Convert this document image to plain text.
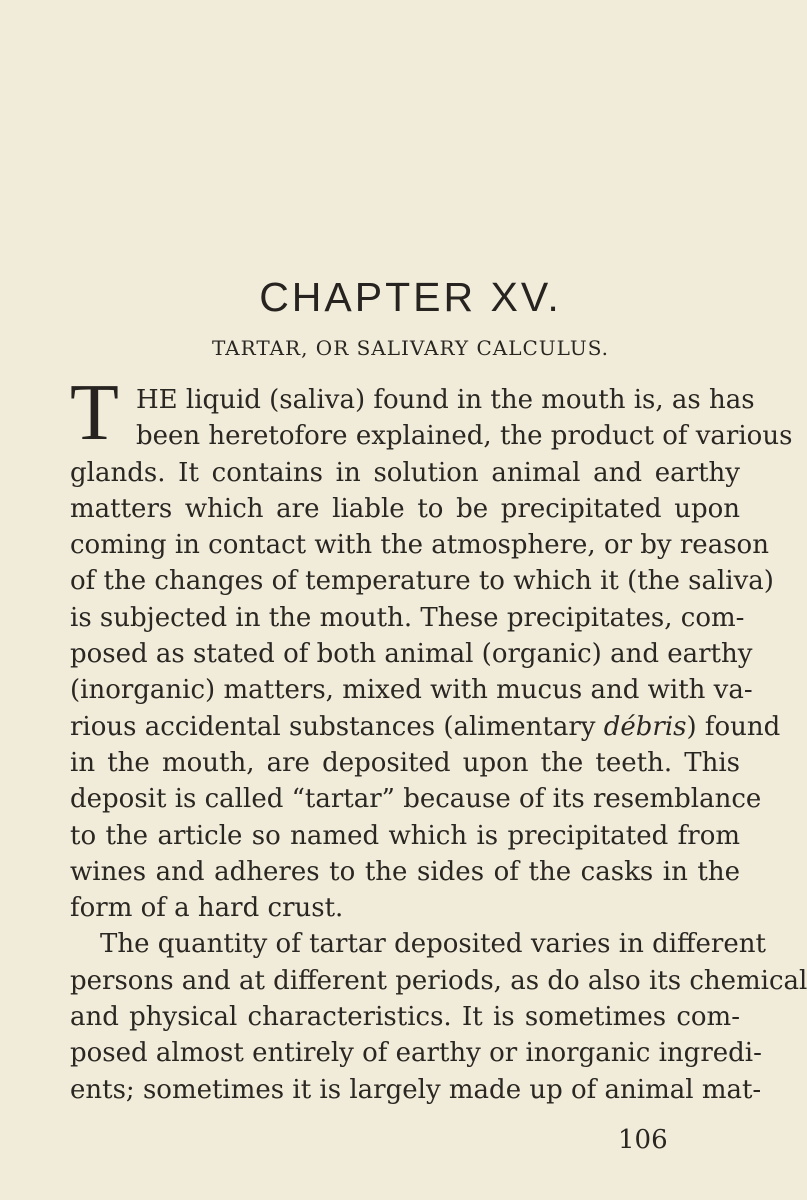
CHAPTER XV.
TARTAR, OR SALIVARY CALCULUS.
T HE liquid (saliva) found in the mouth is, as has
been heretofore explained, the product of various
glands. It contains in solution animal and earthy
matters which are liable to be precipitated upon
coming in contact with the atmosphere, or by reason
of the changes of temperature to which it (the saliva)
is subjected in the mouth. These precipitates, com-
posed as stated of both animal (organic) and earthy
(inorganic) matters, mixed with mucus and with va-
rious accidental substances (alimentary débris) found
in the mouth, are deposited upon the teeth. This
deposit is called “tartar” because of its resemblance
to the article so named which is precipitated from
wines and adheres to the sides of the casks in the
form of a hard crust.
The quantity of tartar deposited varies in different
persons and at different periods, as do also its chemical
and physical characteristics. It is sometimes com-
posed almost entirely of earthy or inorganic ingredi-
ents; sometimes it is largely made up of animal mat-
106
